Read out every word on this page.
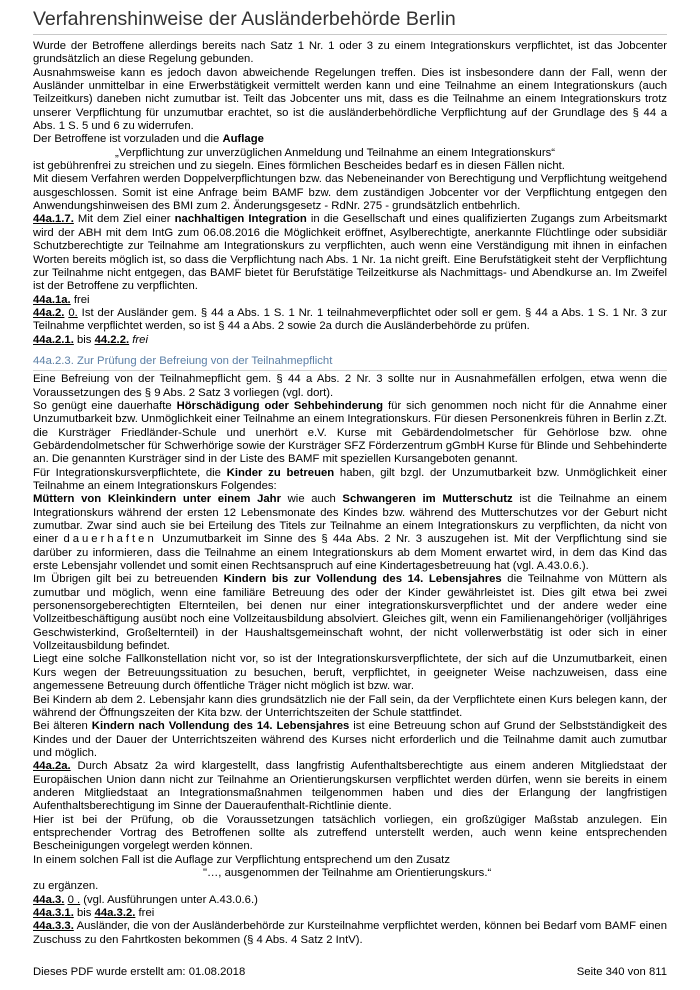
Verfahrenshinweise der Ausländerbehörde Berlin

Wurde der Betroffene allerdings bereits nach Satz 1 Nr. 1 oder 3 zu einem Integrationskurs verpflichtet, ist das Jobcenter grundsätzlich an diese Regelung gebunden.

Ausnahmsweise kann es jedoch davon abweichende Regelungen treffen. Dies ist insbesondere dann der Fall, wenn der Ausländer unmittelbar in eine Erwerbstätigkeit vermittelt werden kann und eine Teilnahme an einem Integrationskurs (auch Teilzeitkurs) daneben nicht zumutbar ist. Teilt das Jobcenter uns mit, dass es die Teilnahme an einem Integrationskurs trotz unserer Verpflichtung für unzumutbar erachtet, so ist die ausländerbehördliche Verpflichtung auf der Grundlage des § 44 a Abs. 1 S. 5 und 6 zu widerrufen.

Der Betroffene ist vorzuladen und die Auflage

„Verpflichtung zur unverzüglichen Anmeldung und Teilnahme an einem Integrationskurs“

ist gebührenfrei zu streichen und zu siegeln. Eines förmlichen Bescheides bedarf es in diesen Fällen nicht.

Mit diesem Verfahren werden Doppelverpflichtungen bzw. das Nebeneinander von Berechtigung und Verpflichtung weitgehend ausgeschlossen. Somit ist eine Anfrage beim BAMF bzw. dem zuständigen Jobcenter vor der Verpflichtung entgegen den Anwendungshinweisen des BMI zum 2. Änderungsgesetz - RdNr. 275 - grundsätzlich entbehrlich.

44a.1.7. Mit dem Ziel einer nachhaltigen Integration in die Gesellschaft und eines qualifizierten Zugangs zum Arbeitsmarkt wird der ABH mit dem IntG zum 06.08.2016 die Möglichkeit eröffnet, Asylberechtigte, anerkannte Flüchtlinge oder subsidiär Schutzberechtigte zur Teilnahme am Integrationskurs zu verpflichten, auch wenn eine Verständigung mit ihnen in einfachen Worten bereits möglich ist, so dass die Verpflichtung nach Abs. 1 Nr. 1a nicht greift. Eine Berufstätigkeit steht der Verpflichtung zur Teilnahme nicht entgegen, das BAMF bietet für Berufstätige Teilzeitkurse als Nachmittags- und Abendkurse an. Im Zweifel ist der Betroffene zu verpflichten.

44a.1a. frei

44a.2. 0. Ist der Ausländer gem. § 44 a Abs. 1 S. 1 Nr. 1 teilnahmeverpflichtet oder soll er gem. § 44 a Abs. 1 S. 1 Nr. 3 zur Teilnahme verpflichtet werden, so ist § 44 a Abs. 2 sowie 2a durch die Ausländerbehörde zu prüfen.

44a.2.1. bis 44.2.2. frei

44a.2.3. Zur Prüfung der Befreiung von der Teilnahmepflicht

Eine Befreiung von der Teilnahmepflicht gem. § 44 a Abs. 2 Nr. 3 sollte nur in Ausnahmefällen erfolgen, etwa wenn die Voraussetzungen des § 9 Abs. 2 Satz 3 vorliegen (vgl. dort).

So genügt eine dauerhafte Hörschädigung oder Sehbehinderung für sich genommen noch nicht für die Annahme einer Unzumutbarkeit bzw. Unmöglichkeit einer Teilnahme an einem Integrationskurs. Für diesen Personenkreis führen in Berlin z.Zt. die Kursträger Friedländer-Schule und unerhört e.V. Kurse mit Gebärdendolmetscher für Gehörlose bzw. ohne Gebärdendolmetscher für Schwerhörige sowie der Kursträger SFZ Förderzentrum gGmbH Kurse für Blinde und Sehbehinderte an. Die genannten Kursträger sind in der Liste des BAMF mit speziellen Kursangeboten genannt.

Für Integrationskursverpflichtete, die Kinder zu betreuen haben, gilt bzgl. der Unzumutbarkeit bzw. Unmöglichkeit einer Teilnahme an einem Integrationskurs Folgendes:

Müttern von Kleinkindern unter einem Jahr wie auch Schwangeren im Mutterschutz ist die Teilnahme an einem Integrationskurs während der ersten 12 Lebensmonate des Kindes bzw. während des Mutterschutzes vor der Geburt nicht zumutbar. Zwar sind auch sie bei Erteilung des Titels zur Teilnahme an einem Integrationskurs zu verpflichten, da nicht von einer dauerhaften Unzumutbarkeit im Sinne des § 44a Abs. 2 Nr. 3 auszugehen ist. Mit der Verpflichtung sind sie darüber zu informieren, dass die Teilnahme an einem Integrationskurs ab dem Moment erwartet wird, in dem das Kind das erste Lebensjahr vollendet und somit einen Rechtsanspruch auf eine Kindertagesbetreuung hat (vgl. A.43.0.6.).

Im Übrigen gilt bei zu betreuenden Kindern bis zur Vollendung des 14. Lebensjahres die Teilnahme von Müttern als zumutbar und möglich, wenn eine familiäre Betreuung des oder der Kinder gewährleistet ist. Dies gilt etwa bei zwei personensorgeberechtigten Elternteilen, bei denen nur einer integrationskursverpflichtet und der andere weder eine Vollzeitbeschäftigung ausübt noch eine Vollzeitausbildung absolviert. Gleiches gilt, wenn ein Familienangehöriger (volljähriges Geschwisterkind, Großelternteil) in der Haushaltsgemeinschaft wohnt, der nicht vollerwerbstätig ist oder sich in einer Vollzeitausbildung befindet.

Liegt eine solche Fallkonstellation nicht vor, so ist der Integrationskursverpflichtete, der sich auf die Unzumutbarkeit, einen Kurs wegen der Betreuungssituation zu besuchen, beruft, verpflichtet, in geeigneter Weise nachzuweisen, dass eine angemessene Betreuung durch öffentliche Träger nicht möglich ist bzw. war.

Bei Kindern ab dem 2. Lebensjahr kann dies grundsätzlich nie der Fall sein, da der Verpflichtete einen Kurs belegen kann, der während der Öffnungszeiten der Kita bzw. der Unterrichtszeiten der Schule stattfindet.

Bei älteren Kindern nach Vollendung des 14. Lebensjahres ist eine Betreuung schon auf Grund der Selbstständigkeit des Kindes und der Dauer der Unterrichtszeiten während des Kurses nicht erforderlich und die Teilnahme damit auch zumutbar und möglich.

44a.2a. Durch Absatz 2a wird klargestellt, dass langfristig Aufenthaltsberechtigte aus einem anderen Mitgliedstaat der Europäischen Union dann nicht zur Teilnahme an Orientierungskursen verpflichtet werden dürfen, wenn sie bereits in einem anderen Mitgliedstaat an Integrationsmaßnahmen teilgenommen haben und dies der Erlangung der langfristigen Aufenthaltsberechtigung im Sinne der Daueraufenthalt-Richtlinie diente.

Hier ist bei der Prüfung, ob die Voraussetzungen tatsächlich vorliegen, ein großzügiger Maßstab anzulegen. Ein entsprechender Vortrag des Betroffenen sollte als zutreffend unterstellt werden, auch wenn keine entsprechenden Bescheinigungen vorgelegt werden können.

In einem solchen Fall ist die Auflage zur Verpflichtung entsprechend um den Zusatz

"…, ausgenommen der Teilnahme am Orientierungskurs.“

zu ergänzen.

44a.3. 0 . (vgl. Ausführungen unter A.43.0.6.)

44a.3.1. bis 44a.3.2. frei

44a.3.3. Ausländer, die von der Ausländerbehörde zur Kursteilnahme verpflichtet werden, können bei Bedarf vom BAMF einen Zuschuss zu den Fahrtkosten bekommen (§ 4 Abs. 4 Satz 2 IntV).

Dieses PDF wurde erstellt am: 01.08.2018	Seite 340 von 811
